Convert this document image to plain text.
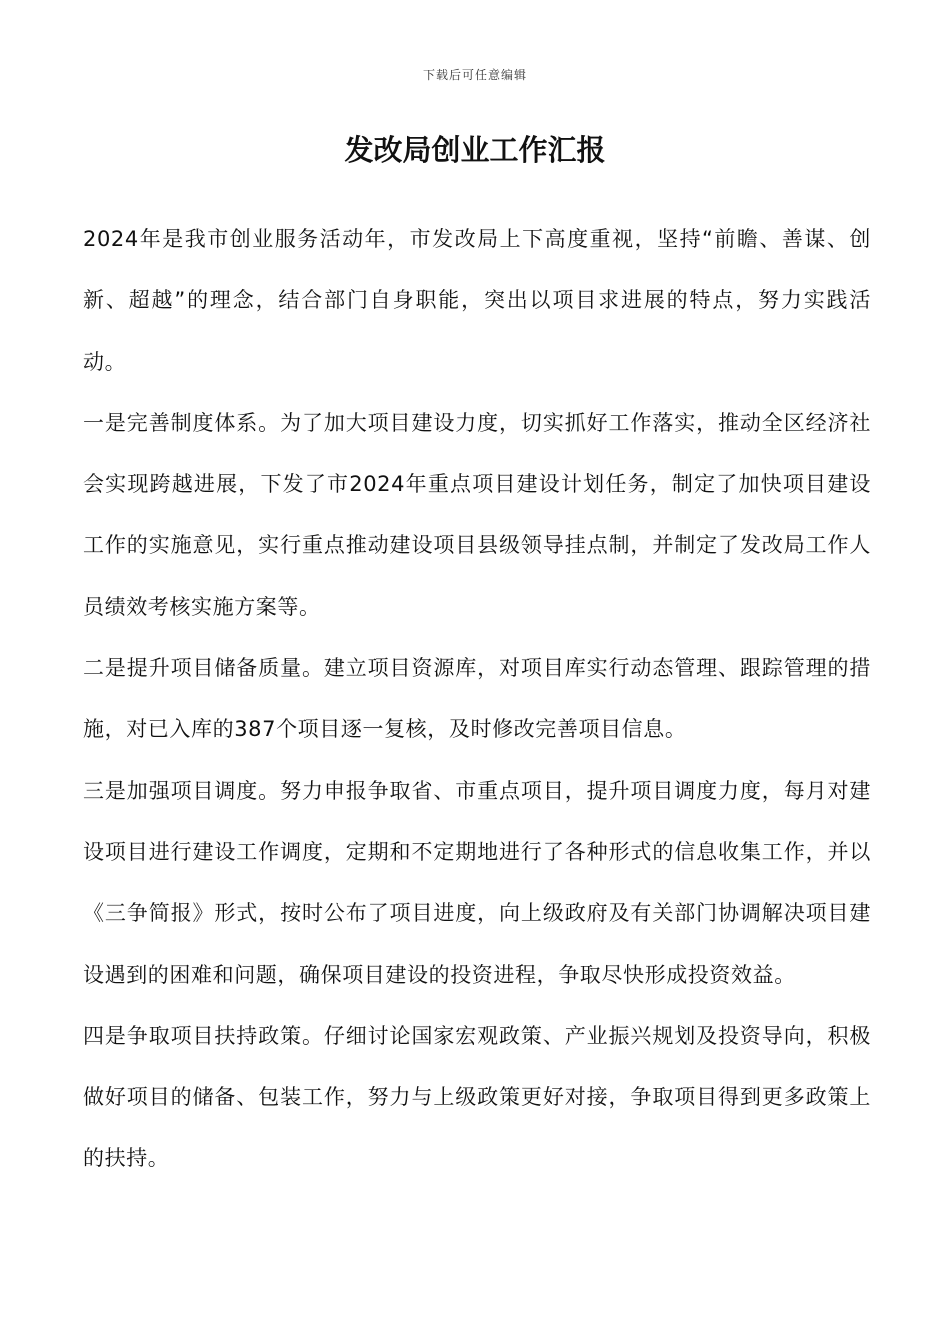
下载后可任意编辑
发改局创业工作汇报

2024年是我市创业服务活动年，市发改局上下高度重视，坚持“前瞻、善谋、创新、超越”的理念，结合部门自身职能，突出以项目求进展的特点，努力实践活动。

一是完善制度体系。为了加大项目建设力度，切实抓好工作落实，推动全区经济社会实现跨越进展，下发了市2024年重点项目建设计划任务，制定了加快项目建设工作的实施意见，实行重点推动建设项目县级领导挂点制，并制定了发改局工作人员绩效考核实施方案等。

二是提升项目储备质量。建立项目资源库，对项目库实行动态管理、跟踪管理的措施，对已入库的387个项目逐一复核，及时修改完善项目信息。

三是加强项目调度。努力申报争取省、市重点项目，提升项目调度力度，每月对建设项目进行建设工作调度，定期和不定期地进行了各种形式的信息收集工作，并以《三争简报》形式，按时公布了项目进度，向上级政府及有关部门协调解决项目建设遇到的困难和问题，确保项目建设的投资进程，争取尽快形成投资效益。

四是争取项目扶持政策。仔细讨论国家宏观政策、产业振兴规划及投资导向，积极做好项目的储备、包装工作，努力与上级政策更好对接，争取项目得到更多政策上的扶持。
